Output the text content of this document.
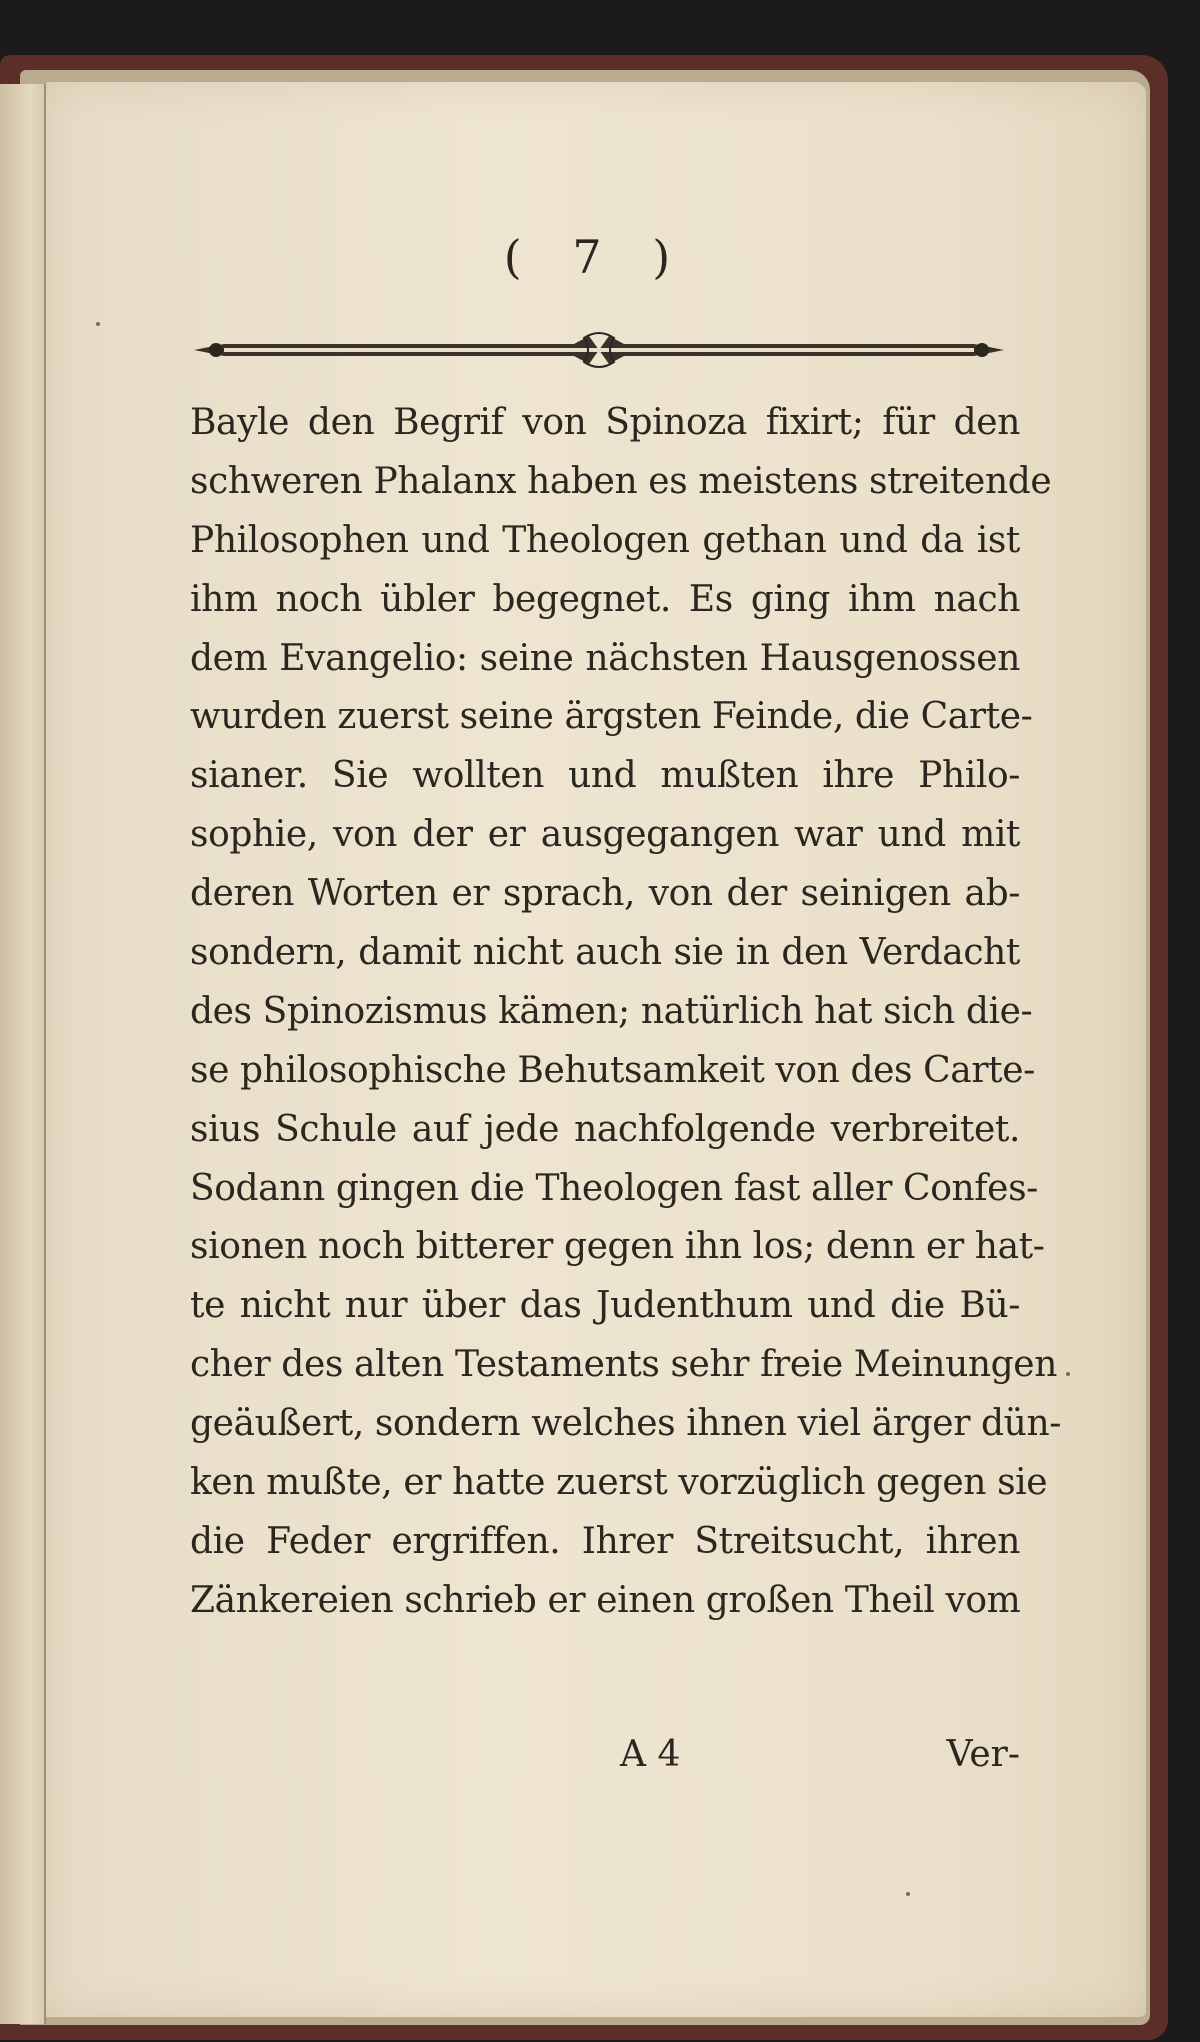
( 7 )
Bayle den Begrif von Spinoza fixirt; für den
schweren Phalanx haben es meistens streitende
Philosophen und Theologen gethan und da ist
ihm noch übler begegnet. Es ging ihm nach
dem Evangelio: seine nächsten Hausgenossen
wurden zuerst seine ärgsten Feinde, die Carte-
sianer. Sie wollten und mußten ihre Philo-
sophie, von der er ausgegangen war und mit
deren Worten er sprach, von der seinigen ab-
sondern, damit nicht auch sie in den Verdacht
des Spinozismus kämen; natürlich hat sich die-
se philosophische Behutsamkeit von des Carte-
sius Schule auf jede nachfolgende verbreitet.
Sodann gingen die Theologen fast aller Confes-
sionen noch bitterer gegen ihn los; denn er hat-
te nicht nur über das Judenthum und die Bü-
cher des alten Testaments sehr freie Meinungen
geäußert, sondern welches ihnen viel ärger dün-
ken mußte, er hatte zuerst vorzüglich gegen sie
die Feder ergriffen. Ihrer Streitsucht, ihren
Zänkereien schrieb er einen großen Theil vom
A 4	Ver-
